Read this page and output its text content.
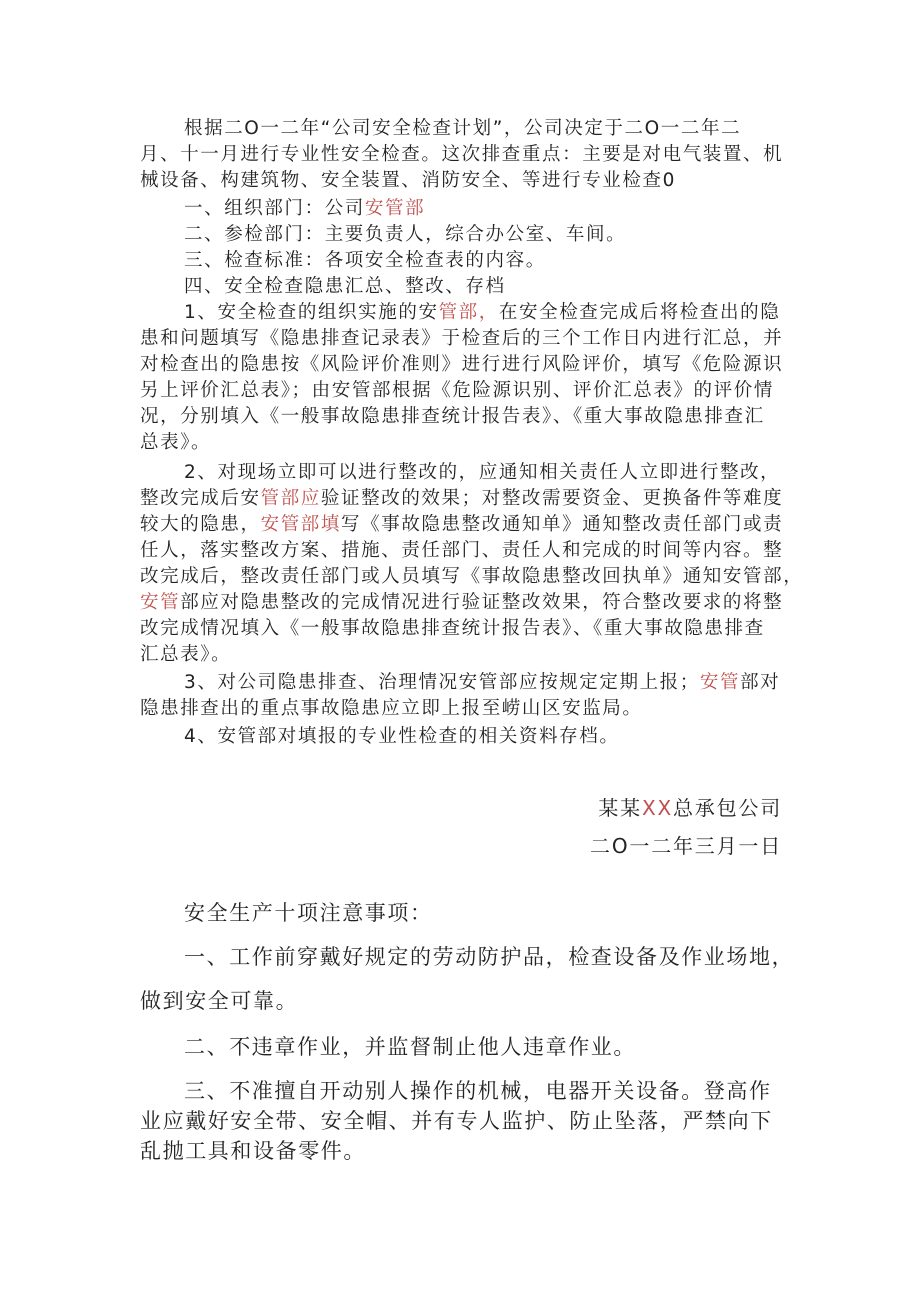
根据二O一二年“公司安全检查计划”，公司决定于二O一二年二
月、十一月进行专业性安全检查。这次排查重点：主要是对电气装置、机
械设备、构建筑物、安全装置、消防安全、等进行专业检查0
一、组织部门：公司安管部
二、参检部门：主要负责人，综合办公室、车间。
三、检查标准：各项安全检查表的内容。
四、安全检查隐患汇总、整改、存档
1、安全检查的组织实施的安管部，在安全检查完成后将检查出的隐
患和问题填写《隐患排查记录表》于检查后的三个工作日内进行汇总，并
对检查出的隐患按《风险评价准则》进行进行风险评价，填写《危险源识
另上评价汇总表》；由安管部根据《危险源识别、评价汇总表》的评价情
况，分别填入《一般事故隐患排查统计报告表》、《重大事故隐患排查汇
总表》。
2、对现场立即可以进行整改的，应通知相关责任人立即进行整改，
整改完成后安管部应验证整改的效果；对整改需要资金、更换备件等难度
较大的隐患，安管部填写《事故隐患整改通知单》通知整改责任部门或责
任人，落实整改方案、措施、责任部门、责任人和完成的时间等内容。整
改完成后，整改责任部门或人员填写《事故隐患整改回执单》通知安管部，
安管部应对隐患整改的完成情况进行验证整改效果，符合整改要求的将整
改完成情况填入《一般事故隐患排查统计报告表》、《重大事故隐患排查
汇总表》。
3、对公司隐患排查、治理情况安管部应按规定定期上报；安管部对
隐患排查出的重点事故隐患应立即上报至崂山区安监局。
4、安管部对填报的专业性检查的相关资料存档。
某某XX总承包公司
二O一二年三月一日
安全生产十项注意事项：
一、工作前穿戴好规定的劳动防护品，检查设备及作业场地，
做到安全可靠。
二、不违章作业，并监督制止他人违章作业。
三、不准擅自开动别人操作的机械，电器开关设备。登高作
业应戴好安全带、安全帽、并有专人监护、防止坠落，严禁向下
乱抛工具和设备零件。
